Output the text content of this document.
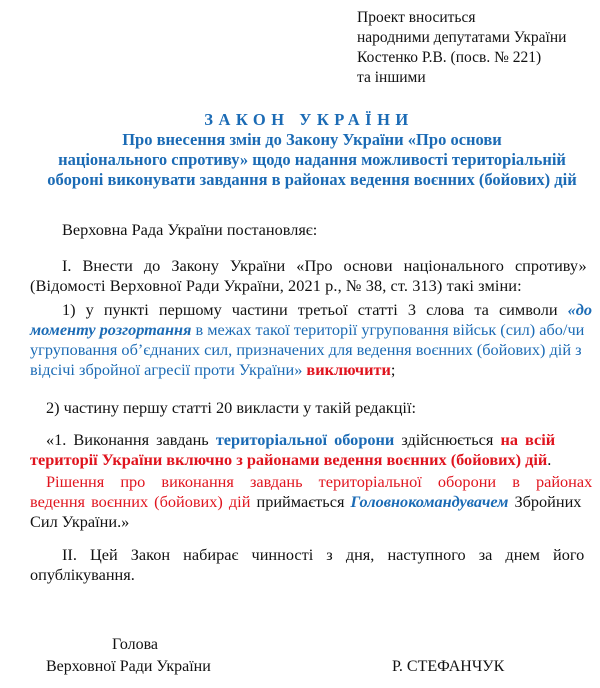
Проект вноситься
народними депутатами України
Костенко Р.В. (посв. № 221)
та іншими
ЗАКОН УКРАЇНИ
Про внесення змін до Закону України «Про основи
національного спротиву» щодо надання можливості територіальній
обороні виконувати завдання в районах ведення воєнних (бойових) дій
Верховна Рада України постановляє:
І. Внести до Закону України «Про основи національного спротиву»
(Відомості Верховної Ради України, 2021 р., № 38, ст. 313) такі зміни:
1) у пункті першому частини третьої статті 3 слова та символи «до
моменту розгортання в межах такої території угруповання військ (сил) або/чи
угруповання об’єднаних сил, призначених для ведення воєнних (бойових) дій з
відсічі збройної агресії проти України» виключити;
2) частину першу статті 20 викласти у такій редакції:
«1. Виконання завдань територіальної оборони здійснюється на всій
території України включно з районами ведення воєнних (бойових) дій.
Рішення про виконання завдань територіальної оборони в районах
ведення воєнних (бойових) дій приймається Головнокомандувачем Збройних
Сил України.»
ІІ. Цей Закон набирає чинності з дня, наступного за днем його
опублікування.
Голова
Верховної Ради України	Р. СТЕФАНЧУК
